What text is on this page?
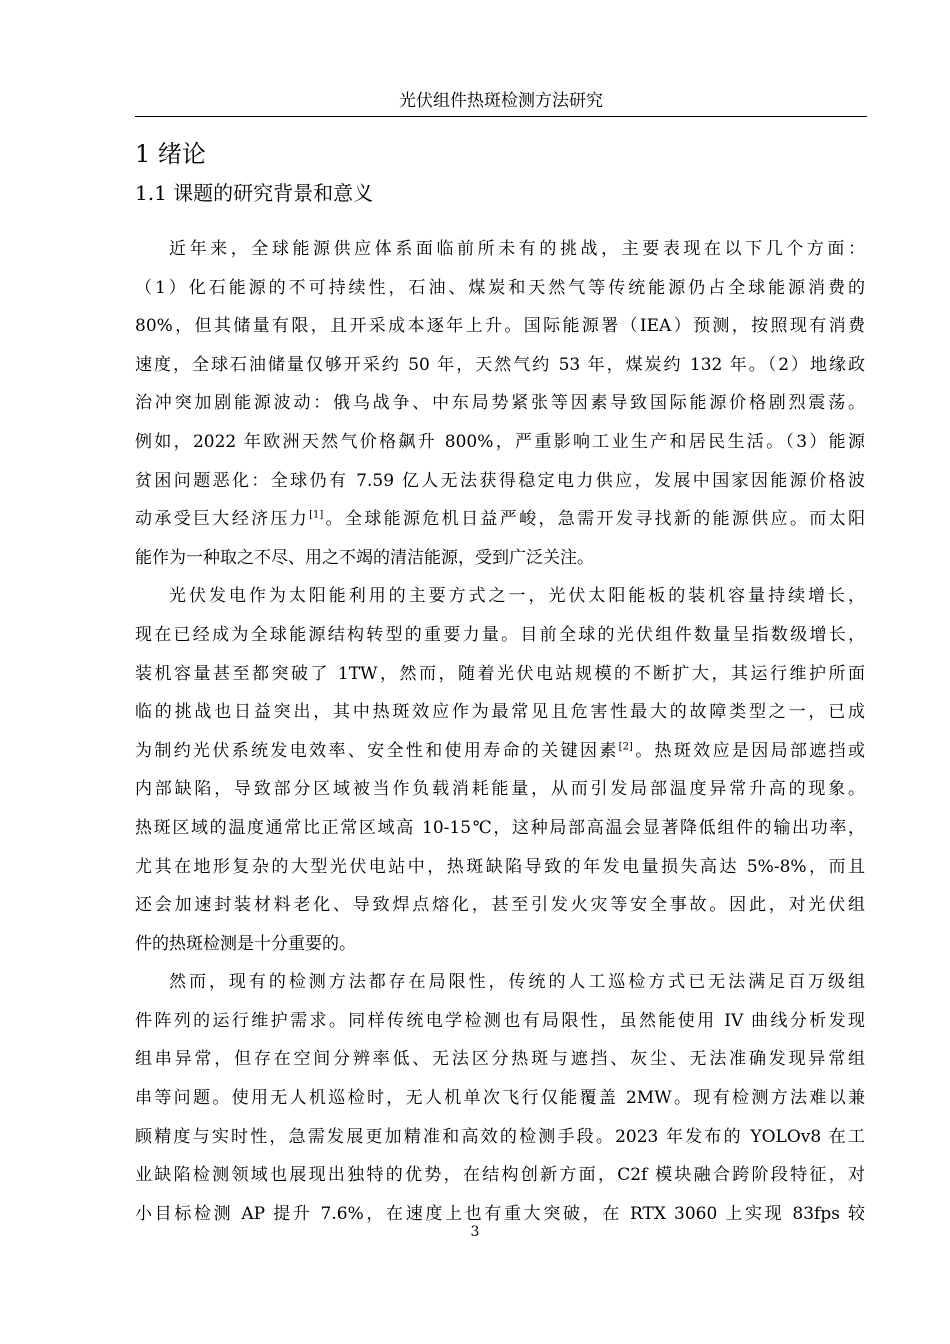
光伏组件热斑检测方法研究
1 绪论
1.1 课题的研究背景和意义
近年来，全球能源供应体系面临前所未有的挑战，主要表现在以下几个方面：
（1）化石能源的不可持续性，石油、煤炭和天然气等传统能源仍占全球能源消费的
80%，但其储量有限，且开采成本逐年上升。国际能源署（IEA）预测，按照现有消费
速度，全球石油储量仅够开采约 50 年，天然气约 53 年，煤炭约 132 年。（2）地缘政
治冲突加剧能源波动：俄乌战争、中东局势紧张等因素导致国际能源价格剧烈震荡。
例如，2022 年欧洲天然气价格飙升 800%，严重影响工业生产和居民生活。（3）能源
贫困问题恶化：全球仍有 7.59 亿人无法获得稳定电力供应，发展中国家因能源价格波
动承受巨大经济压力[1]。全球能源危机日益严峻，急需开发寻找新的能源供应。而太阳
能作为一种取之不尽、用之不竭的清洁能源，受到广泛关注。
光伏发电作为太阳能利用的主要方式之一，光伏太阳能板的装机容量持续增长，
现在已经成为全球能源结构转型的重要力量。目前全球的光伏组件数量呈指数级增长，
装机容量甚至都突破了 1TW，然而，随着光伏电站规模的不断扩大，其运行维护所面
临的挑战也日益突出，其中热斑效应作为最常见且危害性最大的故障类型之一，已成
为制约光伏系统发电效率、安全性和使用寿命的关键因素[2]。热斑效应是因局部遮挡或
内部缺陷，导致部分区域被当作负载消耗能量，从而引发局部温度异常升高的现象。
热斑区域的温度通常比正常区域高 10-15℃，这种局部高温会显著降低组件的输出功率，
尤其在地形复杂的大型光伏电站中，热斑缺陷导致的年发电量损失高达 5%-8%，而且
还会加速封装材料老化、导致焊点熔化，甚至引发火灾等安全事故。因此，对光伏组
件的热斑检测是十分重要的。
然而，现有的检测方法都存在局限性，传统的人工巡检方式已无法满足百万级组
件阵列的运行维护需求。同样传统电学检测也有局限性，虽然能使用 IV 曲线分析发现
组串异常，但存在空间分辨率低、无法区分热斑与遮挡、灰尘、无法准确发现异常组
串等问题。使用无人机巡检时，无人机单次飞行仅能覆盖 2MW。现有检测方法难以兼
顾精度与实时性，急需发展更加精准和高效的检测手段。2023 年发布的 YOLOv8 在工
业缺陷检测领域也展现出独特的优势，在结构创新方面，C2f 模块融合跨阶段特征，对
小目标检测 AP 提升 7.6%，在速度上也有重大突破，在 RTX 3060 上实现 83fps 较
3
